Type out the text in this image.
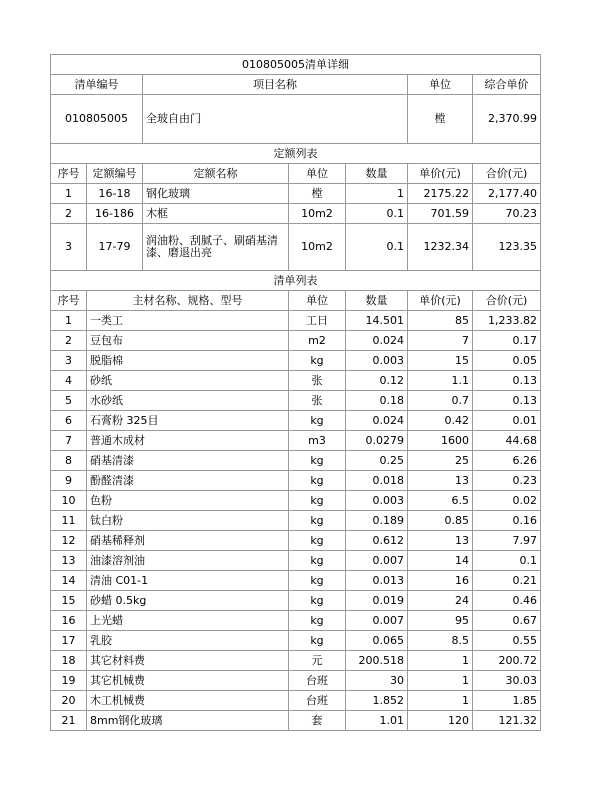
010805005清单详细						
清单编号		项目名称			单位	综合单价
010805005		全玻自由门			樘	2,370.99
定额列表						
序号	定额编号	定额名称	单位	数量	单价(元)	合价(元)
1	16-18	钢化玻璃	樘	1	2175.22	2,177.40
2	16-186	木框	10m2	0.1	701.59	70.23
3	17-79	润油粉、刮腻子、刷硝基清漆、磨退出亮	10m2	0.1	1232.34	123.35
清单列表						
序号	主材名称、规格、型号		单位	数量	单价(元)	合价(元)
1	一类工		工日	14.501	85	1,233.82
2	豆包布		m2	0.024	7	0.17
3	脱脂棉		kg	0.003	15	0.05
4	砂纸		张	0.12	1.1	0.13
5	水砂纸		张	0.18	0.7	0.13
6	石膏粉 325目		kg	0.024	0.42	0.01
7	普通木成材		m3	0.0279	1600	44.68
8	硝基清漆		kg	0.25	25	6.26
9	酚醛清漆		kg	0.018	13	0.23
10	色粉		kg	0.003	6.5	0.02
11	钛白粉		kg	0.189	0.85	0.16
12	硝基稀释剂		kg	0.612	13	7.97
13	油漆溶剂油		kg	0.007	14	0.1
14	清油 C01-1		kg	0.013	16	0.21
15	砂蜡 0.5kg		kg	0.019	24	0.46
16	上光蜡		kg	0.007	95	0.67
17	乳胶		kg	0.065	8.5	0.55
18	其它材料费		元	200.518	1	200.72
19	其它机械费		台班	30	1	30.03
20	木工机械费		台班	1.852	1	1.85
21	8mm钢化玻璃		套	1.01	120	121.32
